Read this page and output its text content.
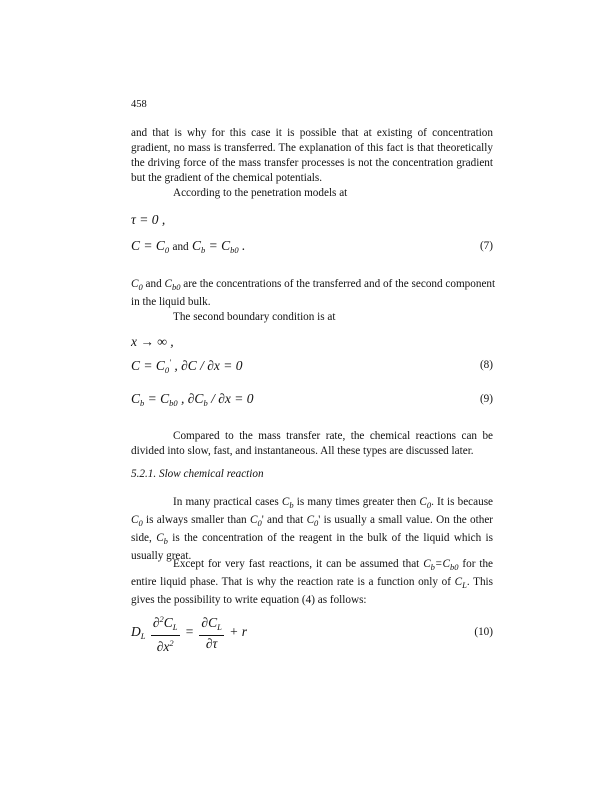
458
and that is why for this case it is possible that at existing of concentration
gradient, no mass is transferred. The explanation of this fact is that theoretically
the driving force of the mass transfer processes is not the concentration gradient
but the gradient of the chemical potentials.
According to the penetration models at
τ = 0 ,
$C = C_0$ and $C_b = C_{b0}$ .	(7)
$C_0$ and $C_{b0}$ are the concentrations of the transferred and of the second component
in the liquid bulk.
The second boundary condition is at
x → ∞ ,
$C = C_0'$ , ∂C / ∂x = 0	(8)
$C_b = C_{b0}$ , $\partial C_b / \partial x = 0$	(9)
Compared to the mass transfer rate, the chemical reactions can be
divided into slow, fast, and instantaneous. All these types are discussed later.
5.2.1. Slow chemical reaction
In many practical cases $C_b$ is many times greater then $C_0$. It is because
$C_0$ is always smaller than $C_0'$ and that $C_0'$ is usually a small value. On the other
side, $C_b$ is the concentration of the reagent in the bulk of the liquid which is
usually great.
Except for very fast reactions, it can be assumed that $C_b=C_{b0}$ for the
entire liquid phase. That is why the reaction rate is a function only of $C_L$. This
gives the possibility to write equation (4) as follows:
$D_L \frac{\partial^2C_L}{\partial x^2} = \frac{\partial C_L}{\partial\tau} + r$	(10)
